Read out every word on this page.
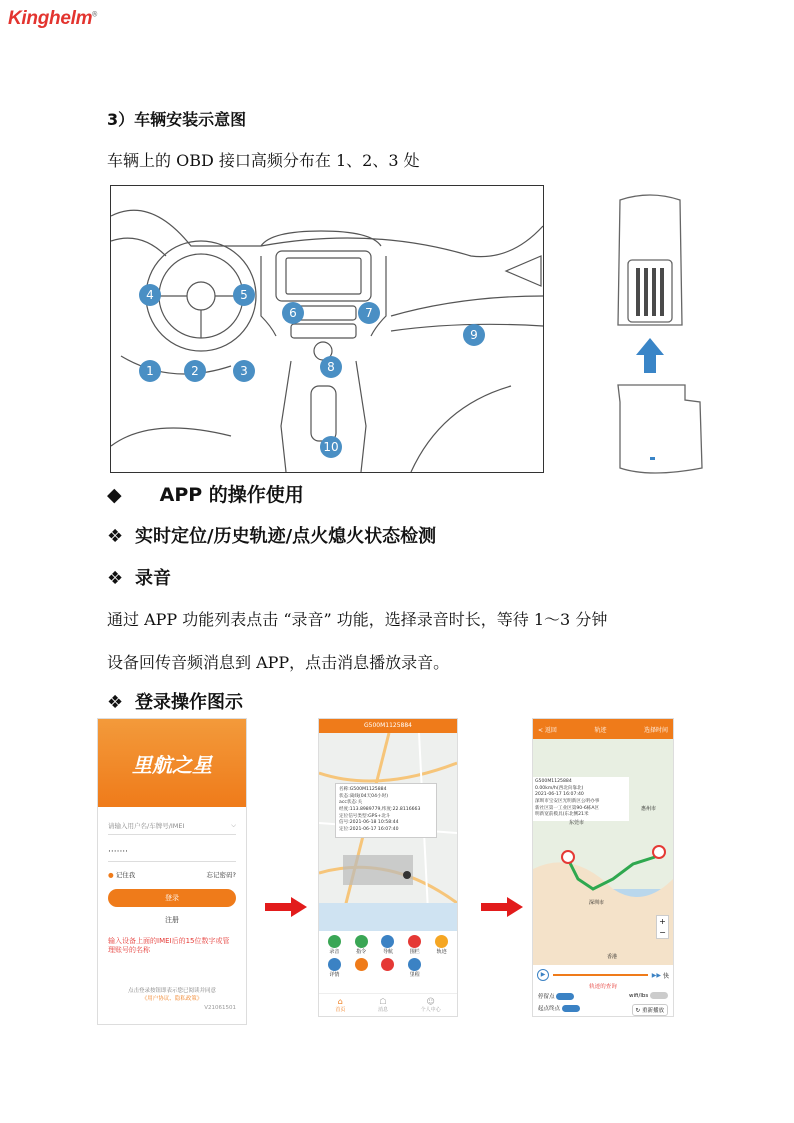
Kinghelm®
3）车辆安装示意图
车辆上的 OBD 接口高频分布在 1、2、3 处
1	2	3
4	5
6	7
8
9
10
◆ APP 的操作使用
❖ 实时定位/历史轨迹/点火熄火状态检测
❖ 录音
通过 APP 功能列表点击 “录音” 功能，选择录音时长，等待 1～3 分钟
设备回传音频消息到 APP，点击消息播放录音。
❖ 登录操作图示
里航之星
请输入用户名/车牌号/IMEI	⌵
·······
● 记住我	忘记密码?
登录
注册
输入设备上面的IMEI后的15位数字或管理账号的名称
点击登录按钮即表示您已阅读并同意
《用户协议、隐私政策》
V21061501
G500M1125884
名称:G500M1125884
状态:离线(04天04小时)
acc状态:关
经度:113.8989779,纬度:22.8116663
定位信号类型:GPS+北斗
信号:2021-06-18 10:58:44
定位:2021-06-17 16:07:40
录音	指令	导航	围栏	轨迹
详情	里程
⌂
首页
☖
消息
☺
个人中心
< 返回	轨迹	选择时间
G500M1125884
0.00km/h(西北向靠北)
2021-06-17 16:07:40
深圳市宝安区光明新区公明办事
新社区第一工业区第90-6栋A区
明新宽前模具(东北侧21米
惠州市
深圳市
香港
东莞市
+
−
▶	▶▶ 快
轨迹的查询
停留点	wifi/lbs
起点终点	↻ 重新播放
